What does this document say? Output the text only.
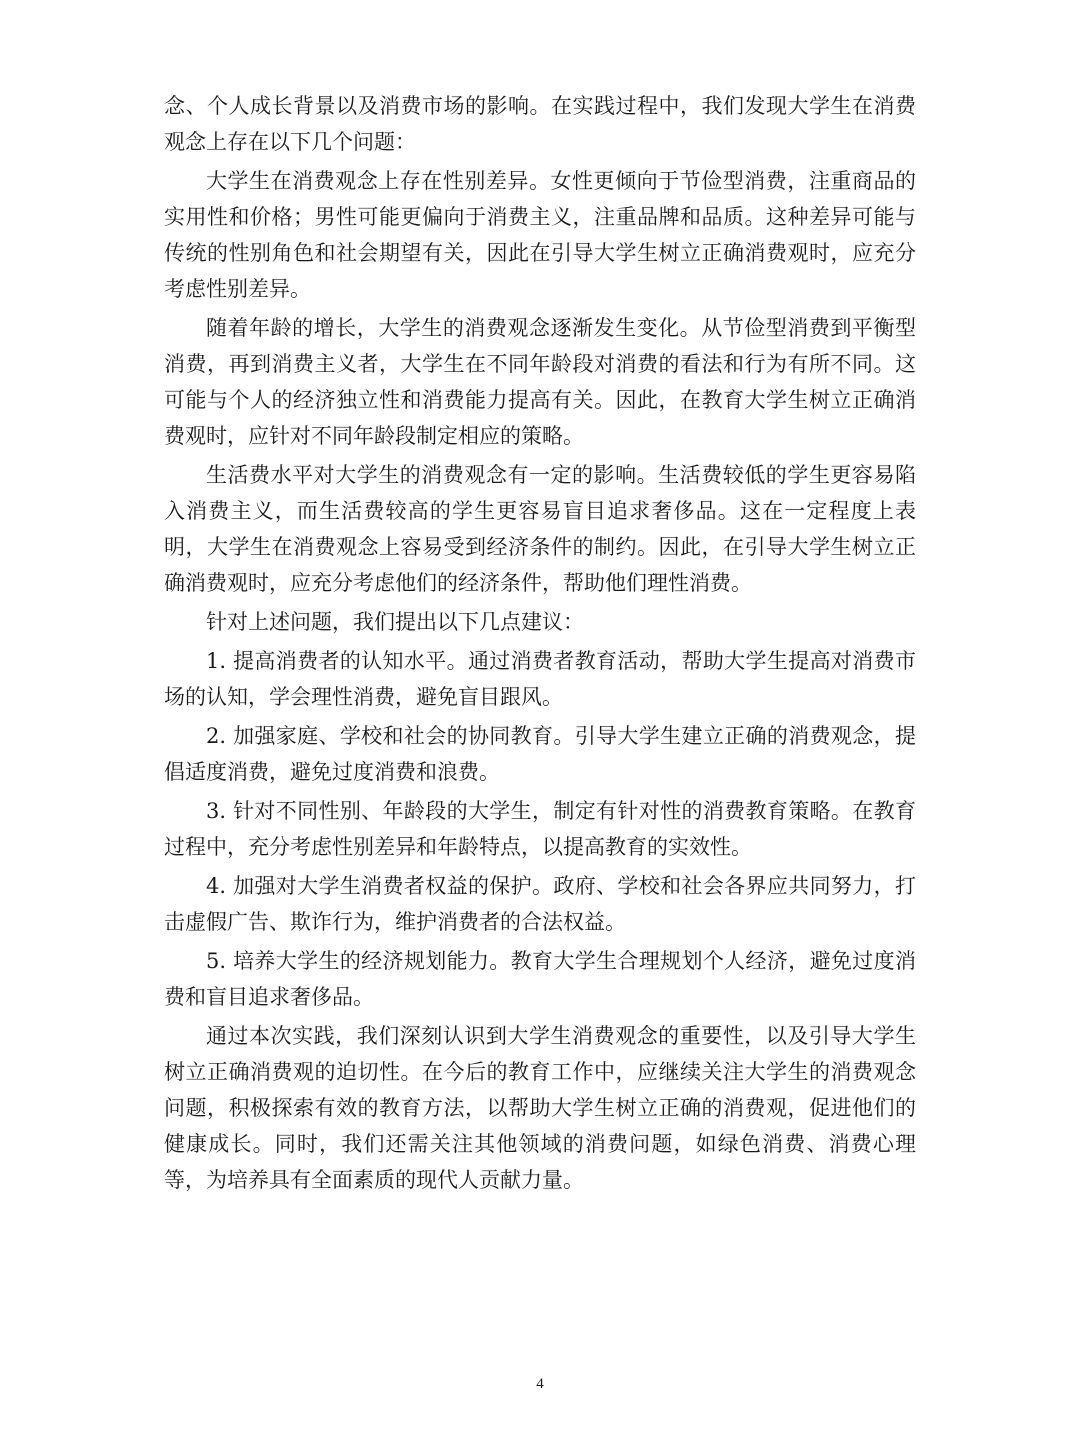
念、个人成长背景以及消费市场的影响。在实践过程中，我们发现大学生在消费观念上存在以下几个问题：

大学生在消费观念上存在性别差异。女性更倾向于节俭型消费，注重商品的实用性和价格；男性可能更偏向于消费主义，注重品牌和品质。这种差异可能与传统的性别角色和社会期望有关，因此在引导大学生树立正确消费观时，应充分考虑性别差异。

随着年龄的增长，大学生的消费观念逐渐发生变化。从节俭型消费到平衡型消费，再到消费主义者，大学生在不同年龄段对消费的看法和行为有所不同。这可能与个人的经济独立性和消费能力提高有关。因此，在教育大学生树立正确消费观时，应针对不同年龄段制定相应的策略。

生活费水平对大学生的消费观念有一定的影响。生活费较低的学生更容易陷入消费主义，而生活费较高的学生更容易盲目追求奢侈品。这在一定程度上表明，大学生在消费观念上容易受到经济条件的制约。因此，在引导大学生树立正确消费观时，应充分考虑他们的经济条件，帮助他们理性消费。

针对上述问题，我们提出以下几点建议：

1. 提高消费者的认知水平。通过消费者教育活动，帮助大学生提高对消费市场的认知，学会理性消费，避免盲目跟风。

2. 加强家庭、学校和社会的协同教育。引导大学生建立正确的消费观念，提倡适度消费，避免过度消费和浪费。

3. 针对不同性别、年龄段的大学生，制定有针对性的消费教育策略。在教育过程中，充分考虑性别差异和年龄特点，以提高教育的实效性。

4. 加强对大学生消费者权益的保护。政府、学校和社会各界应共同努力，打击虚假广告、欺诈行为，维护消费者的合法权益。

5. 培养大学生的经济规划能力。教育大学生合理规划个人经济，避免过度消费和盲目追求奢侈品。

通过本次实践，我们深刻认识到大学生消费观念的重要性，以及引导大学生树立正确消费观的迫切性。在今后的教育工作中，应继续关注大学生的消费观念问题，积极探索有效的教育方法，以帮助大学生树立正确的消费观，促进他们的健康成长。同时，我们还需关注其他领域的消费问题，如绿色消费、消费心理等，为培养具有全面素质的现代人贡献力量。

4
